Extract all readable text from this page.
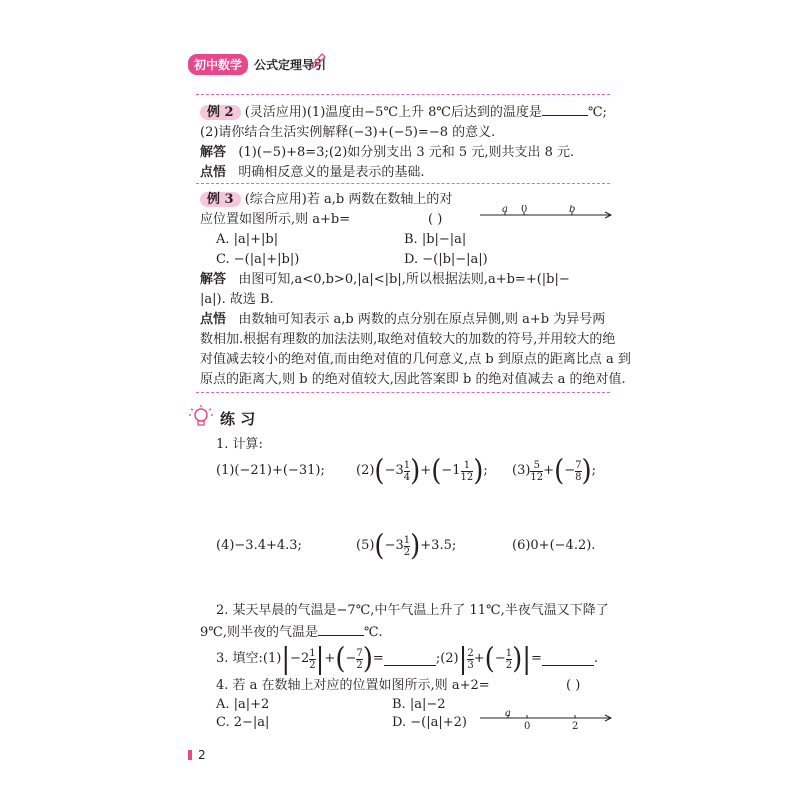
初中数学 公式定理导引
例 2 (灵活应用)(1)温度由−5℃上升 8℃后达到的温度是	℃;
(2)请你结合生活实例解释(−3)+(−5)=−8 的意义.
解答 (1)(−5)+8=3;(2)如分别支出 3 元和 5 元,则共支出 8 元.
点悟 明确相反意义的量是表示的基础.
例 3 (综合应用)若 a,b 两数在数轴上的对
应位置如图所示,则 a+b=	( )
A. |a|+|b|	B. |b|−|a|
C. −(|a|+|b|)	D. −(|b|−|a|)
解答 由图可知,a<0,b>0,|a|<|b|,所以根据法则,a+b=+(|b|−
|a|). 故选 B.
点悟 由数轴可知表示 a,b 两数的点分别在原点异侧,则 a+b 为异号两
数相加.根据有理数的加法法则,取绝对值较大的加数的符号,并用较大的绝
对值减去较小的绝对值,而由绝对值的几何意义,点 b 到原点的距离比点 a 到
原点的距离大,则 b 的绝对值较大,因此答案即 b 的绝对值减去 a 的绝对值.
a 0	b
练 习
1. 计算:
(1)(−21)+(−31); (2) ( $-3 \frac{1}{4}$ ) + ( $-1 \frac{1}{12}$ ) ; $(3) \frac{5}{12}$ + ( − $\frac{7}{8}$ ) ;
(4)−3.4+4.3;	(5) ( $-3 \frac{1}{2}$ ) +3.5;	(6)0+(−4.2).
2. 某天早晨的气温是−7℃,中午气温上升了 11℃,半夜气温又下降了
9℃,则半夜的气温是	℃.
3. 填空:(1) | $-2 \frac{1}{2}$ | + ( − $\frac{7}{2}$ ) =	;(2) | $\frac{2}{3}$ + ( − $\frac{1}{2}$ ) | =	.
4. 若 a 在数轴上对应的位置如图所示,则 a+2=	( )
A. |a|+2	B. |a|−2
C. 2−|a|	D. −(|a|+2)
a
0	2
2
